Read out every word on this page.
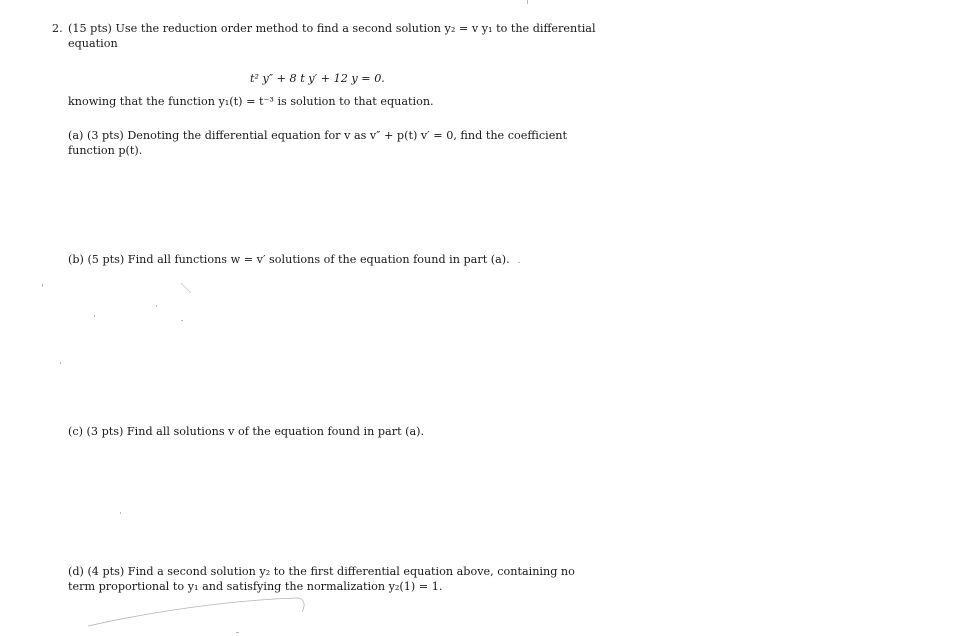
2. (15 pts) Use the reduction order method to find a second solution y₂ = v y₁ to the differential
equation
t² y″ + 8 t y′ + 12 y = 0.
knowing that the function y₁(t) = t⁻³ is solution to that equation.
(a) (3 pts) Denoting the differential equation for v as v″ + p(t) v′ = 0, find the coefficient
function p(t).
(b) (5 pts) Find all functions w = v′ solutions of the equation found in part (a).
(c) (3 pts) Find all solutions v of the equation found in part (a).
(d) (4 pts) Find a second solution y₂ to the first differential equation above, containing no
term proportional to y₁ and satisfying the normalization y₂(1) = 1.
